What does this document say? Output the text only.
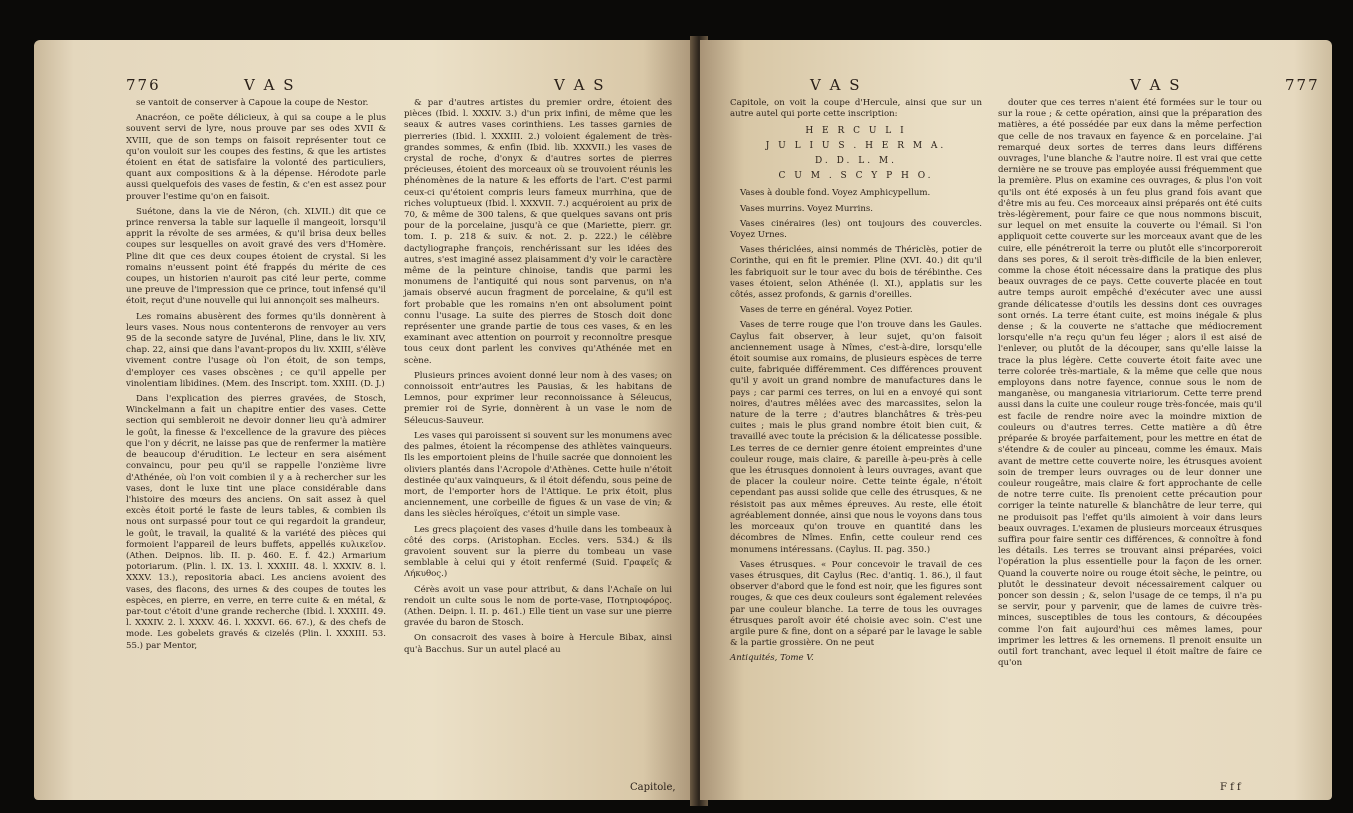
776	V A S	V A S

se vantoit de conserver à Capoue la coupe de Nestor.

Anacréon, ce poëte délicieux, à qui sa coupe a le plus souvent servi de lyre, nous prouve par ses odes XVII & XVIII, que de son temps on faisoit représenter tout ce qu'on vouloit sur les coupes des festins, & que les artistes étoient en état de satisfaire la volonté des particuliers, quant aux compositions & à la dépense. Hérodote parle aussi quelquefois des vases de festin, & c'en est assez pour prouver l'estime qu'on en faisoit.

Suétone, dans la vie de Néron, (ch. XLVII.) dit que ce prince renversa la table sur laquelle il mangeoit, lorsqu'il apprit la révolte de ses armées, & qu'il brisa deux belles coupes sur lesquelles on avoit gravé des vers d'Homère. Pline dit que ces deux coupes étoient de crystal. Si les romains n'eussent point été frappés du mérite de ces coupes, un historien n'auroit pas cité leur perte, comme une preuve de l'impression que ce prince, tout infensé qu'il étoit, reçut d'une nouvelle qui lui annonçoit ses malheurs.

Les romains abusèrent des formes qu'ils donnèrent à leurs vases. Nous nous contenterons de renvoyer au vers 95 de la seconde satyre de Juvénal, Pline, dans le liv. XIV, chap. 22, ainsi que dans l'avant-propos du liv. XXIII, s'élève vivement contre l'usage où l'on étoit, de son temps, d'employer ces vases obscènes ; ce qu'il appelle per vinolentiam libidines. (Mem. des Inscript. tom. XXIII. (D. J.)

Dans l'explication des pierres gravées, de Stosch, Winckelmann a fait un chapitre entier des vases. Cette section qui sembleroit ne devoir donner lieu qu'à admirer le goût, la finesse & l'excellence de la gravure des pièces que l'on y décrit, ne laisse pas que de renfermer la matière de beaucoup d'érudition. Le lecteur en sera aisément convaincu, pour peu qu'il se rappelle l'onzième livre d'Athénée, où l'on voit combien il y a à rechercher sur les vases, dont le luxe tint une place considérable dans l'histoire des mœurs des anciens. On sait assez à quel excès étoit porté le faste de leurs tables, & combien ils nous ont surpassé pour tout ce qui regardoit la grandeur, le goût, le travail, la qualité & la variété des pièces qui formoient l'appareil de leurs buffets, appellés κυλικεῖον. (Athen. Deipnos. lib. II. p. 460. E. f. 42.) Armarium potoriarum. (Plin. l. IX. 13. l. XXXIII. 48. l. XXXIV. 8. l. XXXV. 13.), repositoria abaci. Les anciens avoient des vases, des flacons, des urnes & des coupes de toutes les espèces, en pierre, en verre, en terre cuite & en métal, & par-tout c'étoit d'une grande recherche (Ibid. l. XXXIII. 49. l. XXXIV. 2. l. XXXV. 46. l. XXXVI. 66. 67.), & des chefs de mode. Les gobelets gravés & cizelés (Plin. l. XXXIII. 53. 55.) par Mentor,

& par d'autres artistes du premier ordre, étoient des pièces (Ibid. l. XXXIV. 3.) d'un prix infini, de même que les seaux & autres vases corinthiens. Les tasses garnies de pierreries (Ibid. l. XXXIII. 2.) voloient également de très-grandes sommes, & enfin (Ibid. lib. XXXVII.) les vases de crystal de roche, d'onyx & d'autres sortes de pierres précieuses, étoient des morceaux où se trouvoient réunis les phénomènes de la nature & les efforts de l'art. C'est parmi ceux-ci qu'étoient compris leurs fameux murrhina, que de riches voluptueux (Ibid. l. XXXVII. 7.) acquéroient au prix de 70, & même de 300 talens, & que quelques savans ont pris pour de la porcelaine, jusqu'à ce que (Mariette, pierr. gr. tom. I. p. 218 & suiv. & not. 2. p. 222.) le célèbre dactyliographe françois, renchérissant sur les idées des autres, s'est imaginé assez plaisamment d'y voir le caractère même de la peinture chinoise, tandis que parmi les monumens de l'antiquité qui nous sont parvenus, on n'a jamais observé aucun fragment de porcelaine, & qu'il est fort probable que les romains n'en ont absolument point connu l'usage. La suite des pierres de Stosch doit donc représenter une grande partie de tous ces vases, & en les examinant avec attention on pourroit y reconnoître presque tous ceux dont parlent les convives qu'Athénée met en scène.

Plusieurs princes avoient donné leur nom à des vases; on connoissoit entr'autres les Pausias, & les habitans de Lemnos, pour exprimer leur reconnoissance à Séleucus, premier roi de Syrie, donnèrent à un vase le nom de Séleucus-Sauveur.

Les vases qui paroissent si souvent sur les monumens avec des palmes, étoient la récompense des athlètes vainqueurs. Ils les emportoient pleins de l'huile sacrée que donnoient les oliviers plantés dans l'Acropole d'Athènes. Cette huile n'étoit destinée qu'aux vainqueurs, & il étoit défendu, sous peine de mort, de l'emporter hors de l'Attique. Le prix étoit, plus anciennement, une corbeille de figues & un vase de vin; & dans les siècles héroïques, c'étoit un simple vase.

Les grecs plaçoient des vases d'huile dans les tombeaux à côté des corps. (Aristophan. Eccles. vers. 534.) & ils gravoient souvent sur la pierre du tombeau un vase semblable à celui qui y étoit renfermé (Suid. Γραφεῖς & Λήκυθος.)

Cérès avoit un vase pour attribut, & dans l'Achaïe on lui rendoit un culte sous le nom de porte-vase, Ποτηριοφόρος. (Athen. Deipn. l. II. p. 461.) Elle tient un vase sur une pierre gravée du baron de Stosch.

On consacroit des vases à boire à Hercule Bibax, ainsi qu'à Bacchus. Sur un autel placé au

Capitole,
V A S	V A S	777

Capitole, on voit la coupe d'Hercule, ainsi que sur un autre autel qui porte cette inscription:

H E R C U L I
J U L I U S . H E R M A.
D. D. L. M.
C U M . S C Y P H O.

Vases à double fond. Voyez Amphicypellum.

Vases murrins. Voyez Murrins.

Vases cinéraires (les) ont toujours des couvercles. Voyez Urnes.

Vases thériclées, ainsi nommés de Thériclès, potier de Corinthe, qui en fit le premier. Pline (XVI. 40.) dit qu'il les fabriquoit sur le tour avec du bois de térébinthe. Ces vases étoient, selon Athénée (l. XI.), applatis sur les côtés, assez profonds, & garnis d'oreilles.

Vases de terre en général. Voyez Potier.

Vases de terre rouge que l'on trouve dans les Gaules. Caylus fait observer, à leur sujet, qu'on faisoit anciennement usage à Nîmes, c'est-à-dire, lorsqu'elle étoit soumise aux romains, de plusieurs espèces de terre cuite, fabriquée différemment. Ces différences prouvent qu'il y avoit un grand nombre de manufactures dans le pays ; car parmi ces terres, on lui en a envoyé qui sont noires, d'autres mêlées avec des marcassites, selon la nature de la terre ; d'autres blanchâtres & très-peu cuites ; mais le plus grand nombre étoit bien cuit, & travaillé avec toute la précision & la délicatesse possible. Les terres de ce dernier genre étoient empreintes d'une couleur rouge, mais claire, & pareille à-peu-près à celle que les étrusques donnoient à leurs ouvrages, avant que de placer la couleur noire. Cette teinte égale, n'étoit cependant pas aussi solide que celle des étrusques, & ne résistoit pas aux mêmes épreuves. Au reste, elle étoit agréablement donnée, ainsi que nous le voyons dans tous les morceaux qu'on trouve en quantité dans les décombres de Nîmes. Enfin, cette couleur rend ces monumens intéressans. (Caylus. II. pag. 350.)

Vases étrusques. « Pour concevoir le travail de ces vases étrusques, dit Caylus (Rec. d'antiq. 1. 86.), il faut observer d'abord que le fond est noir, que les figures sont rouges, & que ces deux couleurs sont également relevées par une couleur blanche. La terre de tous les ouvrages étrusques paroît avoir été choisie avec soin. C'est une argile pure & fine, dont on a séparé par le lavage le sable & la partie grossière. On ne peut

Antiquités, Tome V.

douter que ces terres n'aient été formées sur le tour ou sur la roue ; & cette opération, ainsi que la préparation des matières, a été possédée par eux dans la même perfection que celle de nos travaux en fayence & en porcelaine. J'ai remarqué deux sortes de terres dans leurs différens ouvrages, l'une blanche & l'autre noire. Il est vrai que cette dernière ne se trouve pas employée aussi fréquemment que la première. Plus on examine ces ouvrages, & plus l'on voit qu'ils ont été exposés à un feu plus grand fois avant que d'être mis au feu. Ces morceaux ainsi préparés ont été cuits très-légèrement, pour faire ce que nous nommons biscuit, sur lequel on met ensuite la couverte ou l'émail. Si l'on appliquoit cette couverte sur les morceaux avant que de les cuire, elle pénétreroit la terre ou plutôt elle s'incorporeroit dans ses pores, & il seroit très-difficile de la bien enlever, comme la chose étoit nécessaire dans la pratique des plus beaux ouvrages de ce pays. Cette couverte placée en tout autre temps auroit empêché d'exécuter avec une aussi grande délicatesse d'outils les dessins dont ces ouvrages sont ornés. La terre étant cuite, est moins inégale & plus dense ; & la couverte ne s'attache que médiocrement lorsqu'elle n'a reçu qu'un feu léger ; alors il est aisé de l'enlever, ou plutôt de la découper, sans qu'elle laisse la trace la plus légère. Cette couverte étoit faite avec une terre colorée très-martiale, & la même que celle que nous employons dans notre fayence, connue sous le nom de manganèse, ou manganesia vitriariorum. Cette terre prend aussi dans la cuite une couleur rouge très-foncée, mais qu'il est facile de rendre noire avec la moindre mixtion de couleurs ou d'autres terres. Cette matière a dû être préparée & broyée parfaitement, pour les mettre en état de s'étendre & de couler au pinceau, comme les émaux. Mais avant de mettre cette couverte noire, les étrusques avoient soin de tremper leurs ouvrages ou de leur donner une couleur rougeâtre, mais claire & fort approchante de celle de notre terre cuite. Ils prenoient cette précaution pour corriger la teinte naturelle & blanchâtre de leur terre, qui ne produisoit pas l'effet qu'ils aimoient à voir dans leurs beaux ouvrages. L'examen de plusieurs morceaux étrusques suffira pour faire sentir ces différences, & connoître à fond les détails. Les terres se trouvant ainsi préparées, voici l'opération la plus essentielle pour la façon de les orner. Quand la couverte noire ou rouge étoit sèche, le peintre, ou plutôt le dessinateur devoit nécessairement calquer ou poncer son dessin ; &, selon l'usage de ce temps, il n'a pu se servir, pour y parvenir, que de lames de cuivre très-minces, susceptibles de tous les contours, & découpées comme l'on fait aujourd'hui ces mêmes lames, pour imprimer les lettres & les ornemens. Il prenoit ensuite un outil fort tranchant, avec lequel il étoit maître de faire ce qu'on

F f f
